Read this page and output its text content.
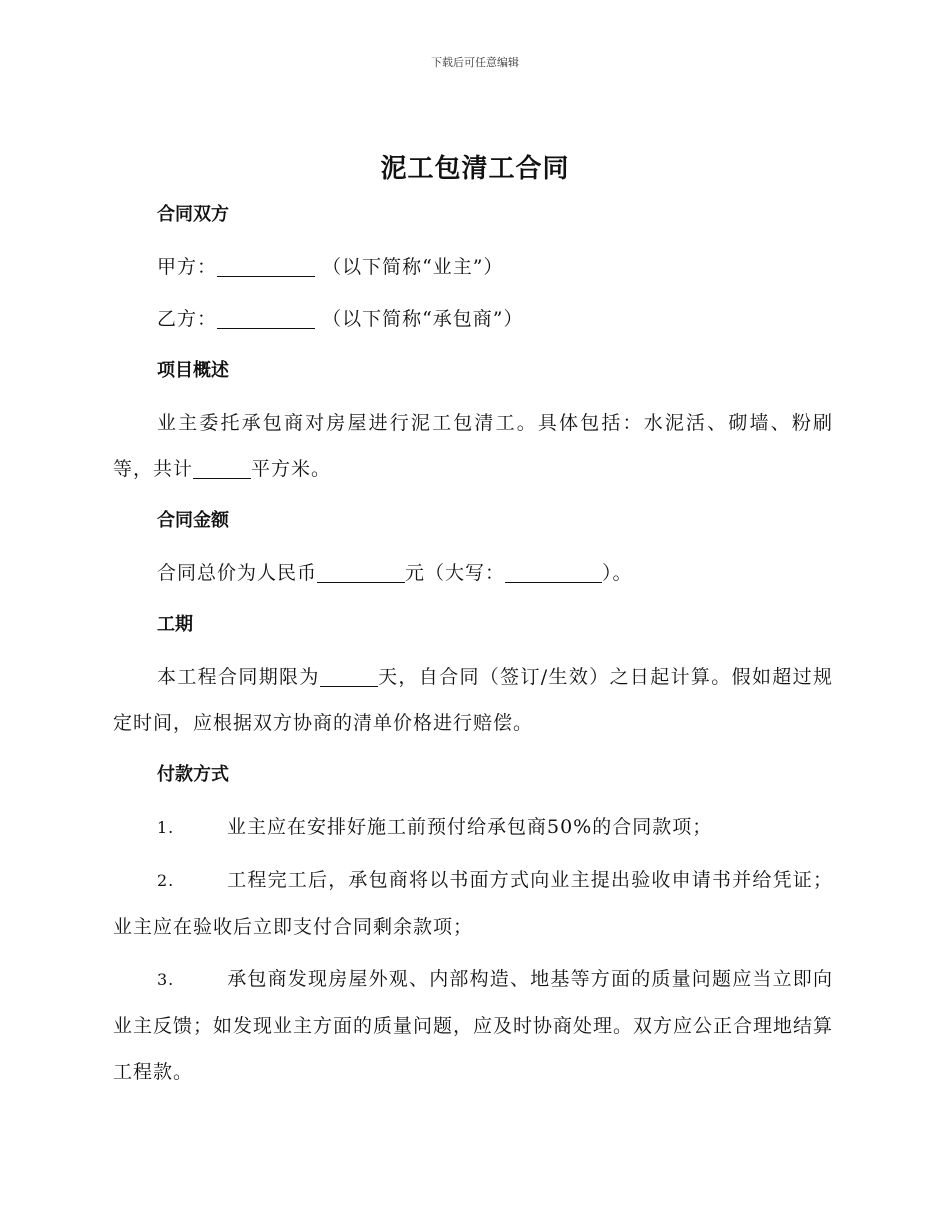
下载后可任意编辑
泥工包清工合同

合同双方

甲方：	（以下简称“业主”）

乙方：	（以下简称“承包商”）

项目概述

业主委托承包商对房屋进行泥工包清工。具体包括：水泥活、砌墙、粉刷等，共计	平方米。

合同金额

合同总价为人民币	元（大写：	）。

工期

本工程合同期限为	天，自合同（签订/生效）之日起计算。假如超过规定时间，应根据双方协商的清单价格进行赔偿。

付款方式

1.	业主应在安排好施工前预付给承包商50%的合同款项；

2.	工程完工后，承包商将以书面方式向业主提出验收申请书并给凭证；业主应在验收后立即支付合同剩余款项；

3.	承包商发现房屋外观、内部构造、地基等方面的质量问题应当立即向业主反馈；如发现业主方面的质量问题，应及时协商处理。双方应公正合理地结算工程款。
